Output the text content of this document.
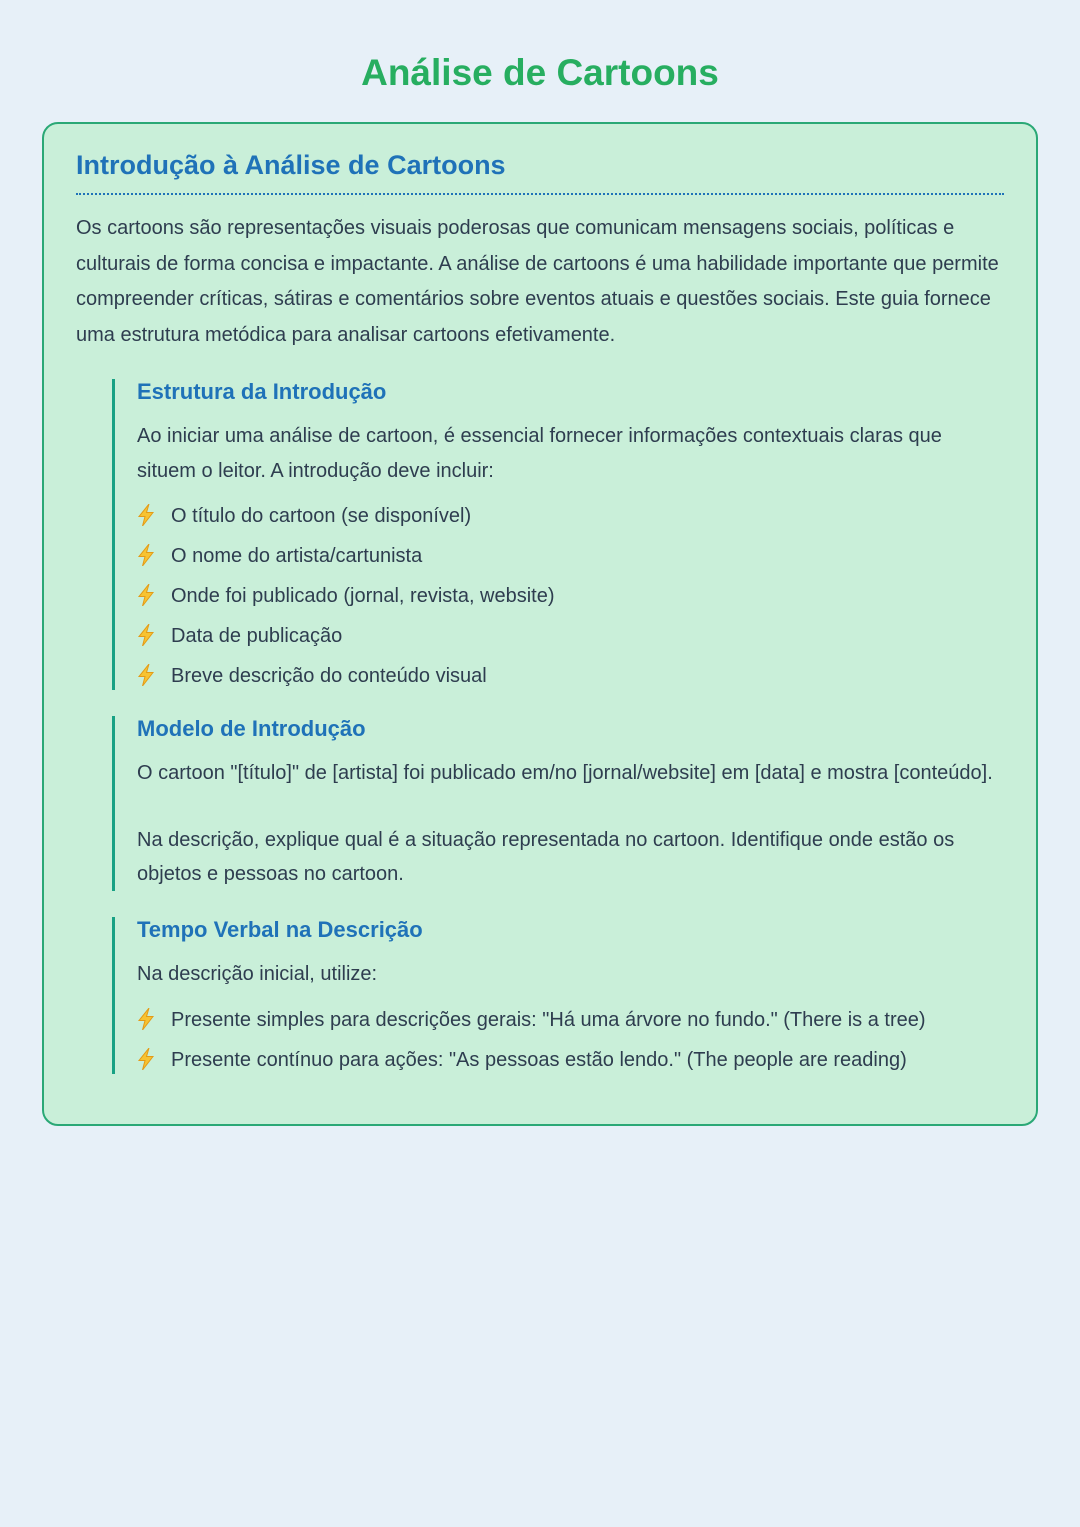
Análise de Cartoons
Introdução à Análise de Cartoons

Os cartoons são representações visuais poderosas que comunicam mensagens sociais, políticas e culturais de forma concisa e impactante. A análise de cartoons é uma habilidade importante que permite compreender críticas, sátiras e comentários sobre eventos atuais e questões sociais. Este guia fornece uma estrutura metódica para analisar cartoons efetivamente.

Estrutura da Introdução

Ao iniciar uma análise de cartoon, é essencial fornecer informações contextuais claras que situem o leitor. A introdução deve incluir:

O título do cartoon (se disponível)
O nome do artista/cartunista
Onde foi publicado (jornal, revista, website)
Data de publicação
Breve descrição do conteúdo visual
Modelo de Introdução

O cartoon "[título]" de [artista] foi publicado em/no [jornal/website] em [data] e mostra [conteúdo].

Na descrição, explique qual é a situação representada no cartoon. Identifique onde estão os objetos e pessoas no cartoon.

Tempo Verbal na Descrição

Na descrição inicial, utilize:

Presente simples para descrições gerais: "Há uma árvore no fundo." (There is a tree)
Presente contínuo para ações: "As pessoas estão lendo." (The people are reading)
